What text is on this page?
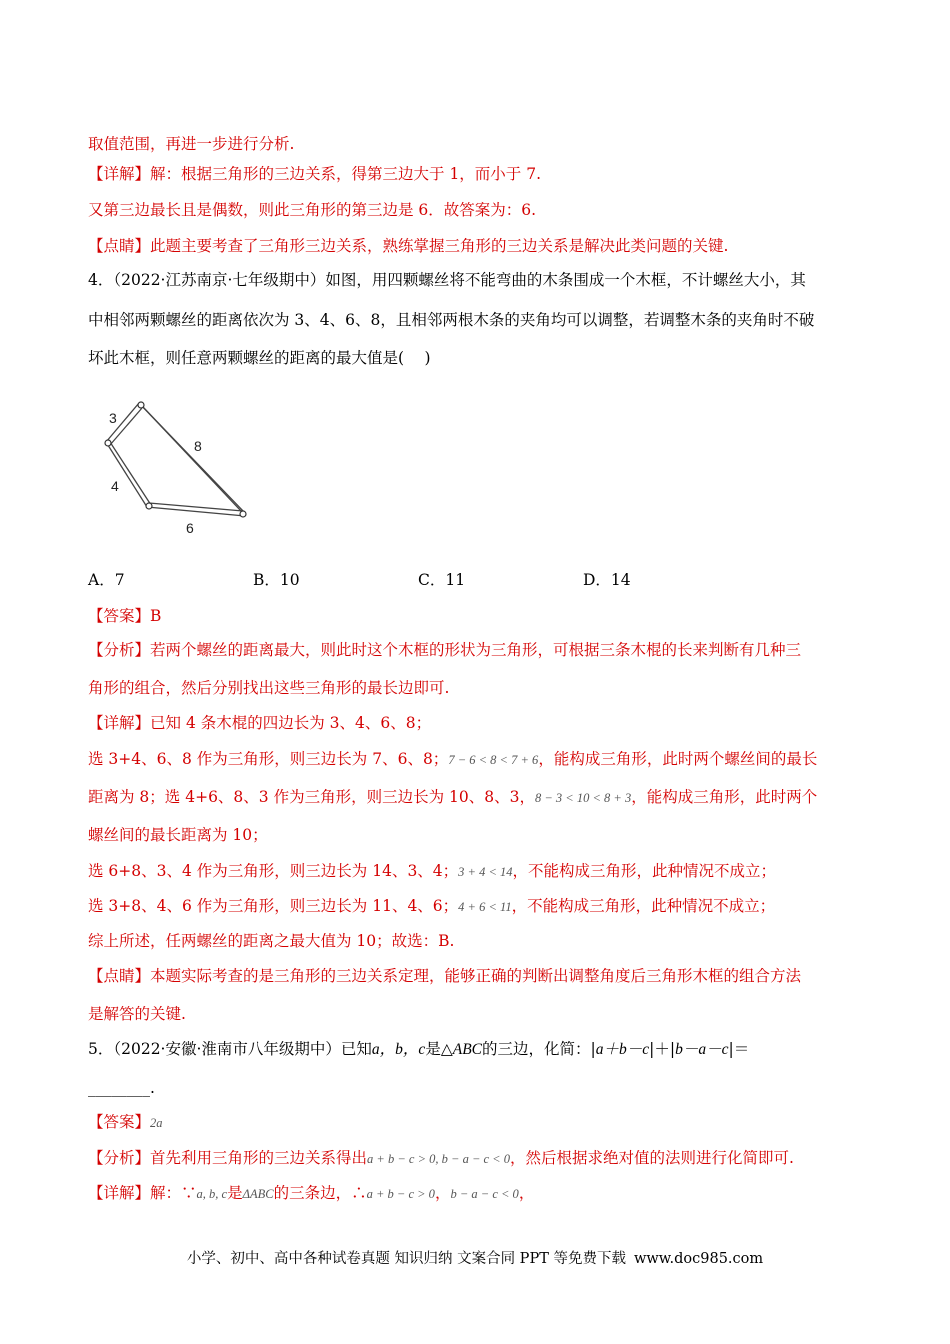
取值范围，再进一步进行分析.
【详解】解：根据三角形的三边关系，得第三边大于 1，而小于 7.
又第三边最长且是偶数，则此三角形的第三边是 6．故答案为：6.
【点睛】此题主要考查了三角形三边关系，熟练掌握三角形的三边关系是解决此类问题的关键.
4．（2022·江苏南京·七年级期中）如图，用四颗螺丝将不能弯曲的木条围成一个木框，不计螺丝大小，其
中相邻两颗螺丝的距离依次为 3、4、6、8，且相邻两根木条的夹角均可以调整，若调整木条的夹角时不破
坏此木框，则任意两颗螺丝的距离的最大值是(　 )
3
8
4
6
A．7	B．10	C．11	D．14
【答案】B
【分析】若两个螺丝的距离最大，则此时这个木框的形状为三角形，可根据三条木棍的长来判断有几种三
角形的组合，然后分别找出这些三角形的最长边即可.
【详解】已知 4 条木棍的四边长为 3、4、6、8；
选 3+4、6、8 作为三角形，则三边长为 7、6、8；7 − 6 < 8 < 7 + 6，能构成三角形，此时两个螺丝间的最长
距离为 8；选 4+6、8、3 作为三角形，则三边长为 10、8、3，8 − 3 < 10 < 8 + 3，能构成三角形，此时两个
螺丝间的最长距离为 10；
选 6+8、3、4 作为三角形，则三边长为 14、3、4；3 + 4 < 14，不能构成三角形，此种情况不成立；
选 3+8、4、6 作为三角形，则三边长为 11、4、6；4 + 6 < 11，不能构成三角形，此种情况不成立；
综上所述，任两螺丝的距离之最大值为 10；故选：B.
【点睛】本题实际考查的是三角形的三边关系定理，能够正确的判断出调整角度后三角形木框的组合方法
是解答的关键.
5．（2022·安徽·淮南市八年级期中）已知a，b，c是△ABC的三边，化简：|a＋b－c|＋|b－a－c|＝
________.
【答案】2a
【分析】首先利用三角形的三边关系得出a + b − c > 0, b − a − c < 0，然后根据求绝对值的法则进行化简即可.
【详解】解：∵a, b, c是ΔABC的三条边，∴a + b − c > 0，b − a − c < 0，
小学、初中、高中各种试卷真题 知识归纳 文案合同 PPT 等免费下载 www.doc985.com
